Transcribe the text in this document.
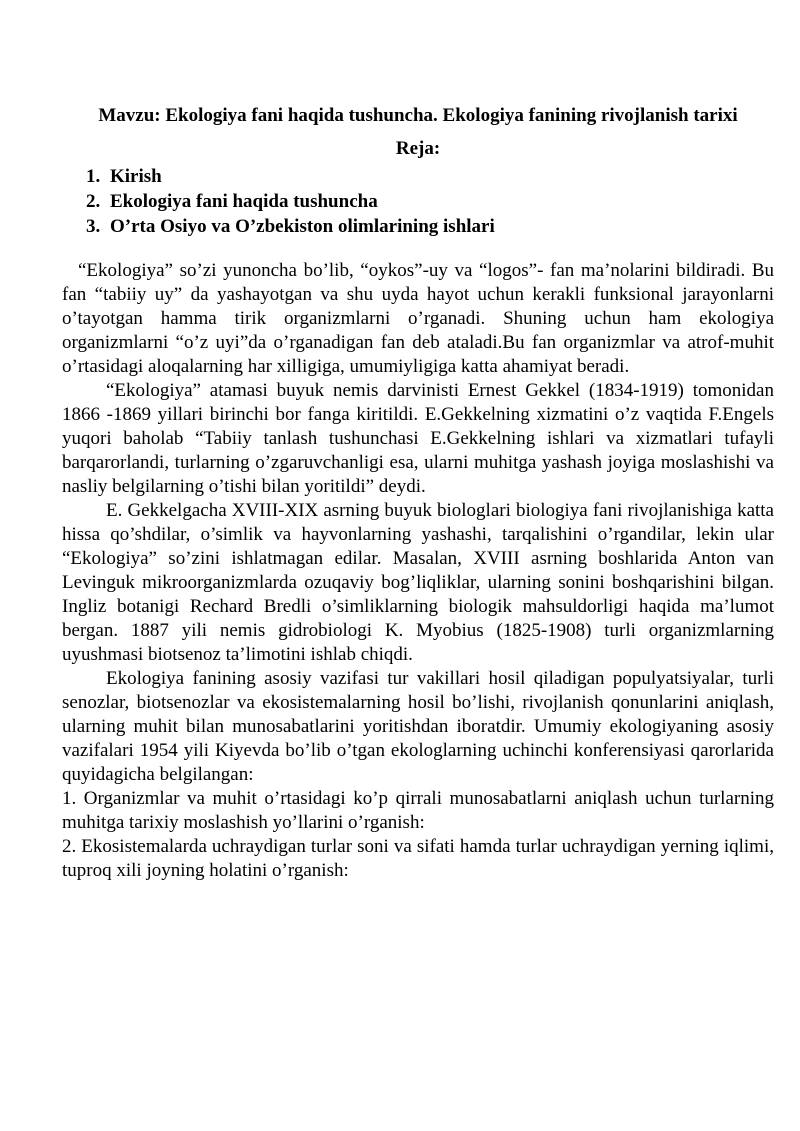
Mavzu: Ekologiya fani haqida tushuncha. Ekologiya fanining rivojlanish tarixi
Reja:
1. Kirish
2. Ekologiya fani haqida tushuncha
3. O’rta Osiyo va O’zbekiston olimlarining ishlari

“Ekologiya” so’zi yunoncha bo’lib, “oykos”-uy va “logos”- fan ma’nolarini bildiradi. Bu fan “tabiiy uy” da yashayotgan va shu uyda hayot uchun kerakli funksional jarayonlarni o’tayotgan hamma tirik organizmlarni o’rganadi. Shuning uchun ham ekologiya organizmlarni “o’z uyi”da o’rganadigan fan deb ataladi.Bu fan organizmlar va atrof-muhit o’rtasidagi aloqalarning har xilligiga, umumiyligiga katta ahamiyat beradi.

“Ekologiya” atamasi buyuk nemis darvinisti Ernest Gekkel (1834-1919) tomonidan 1866 -1869 yillari birinchi bor fanga kiritildi. E.Gekkelning xizmatini o’z vaqtida F.Engels yuqori baholab “Tabiiy tanlash tushunchasi E.Gekkelning ishlari va xizmatlari tufayli barqarorlandi, turlarning o’zgaruvchanligi esa, ularni muhitga yashash joyiga moslashishi va nasliy belgilarning o’tishi bilan yoritildi” deydi.

E. Gekkelgacha XVIII-XIX asrning buyuk biologlari biologiya fani rivojlanishiga katta hissa qo’shdilar, o’simlik va hayvonlarning yashashi, tarqalishini o’rgandilar, lekin ular “Ekologiya” so’zini ishlatmagan edilar. Masalan, XVIII asrning boshlarida Anton van Levinguk mikroorganizmlarda ozuqaviy bog’liqliklar, ularning sonini boshqarishini bilgan. Ingliz botanigi Rechard Bredli o’simliklarning biologik mahsuldorligi haqida ma’lumot bergan. 1887 yili nemis gidrobiologi K. Myobius (1825-1908) turli organizmlarning uyushmasi biotsenoz ta’limotini ishlab chiqdi.

Ekologiya fanining asosiy vazifasi tur vakillari hosil qiladigan populyatsiyalar, turli senozlar, biotsenozlar va ekosistemalarning hosil bo’lishi, rivojlanish qonunlarini aniqlash, ularning muhit bilan munosabatlarini yoritishdan iboratdir. Umumiy ekologiyaning asosiy vazifalari 1954 yili Kiyevda bo’lib o’tgan ekologlarning uchinchi konferensiyasi qarorlarida quyidagicha belgilangan:

1. Organizmlar va muhit o’rtasidagi ko’p qirrali munosabatlarni aniqlash uchun turlarning muhitga tarixiy moslashish yo’llarini o’rganish:

2. Ekosistemalarda uchraydigan turlar soni va sifati hamda turlar uchraydigan yerning iqlimi, tuproq xili joyning holatini o’rganish:
